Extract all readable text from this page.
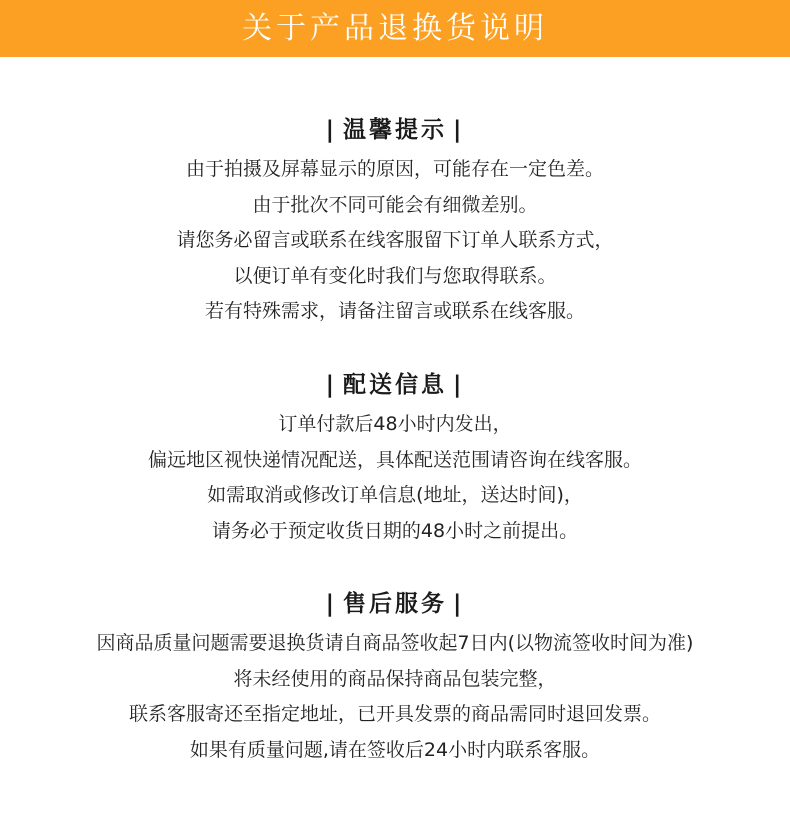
关于产品退换货说明
| 温馨提示 |
由于拍摄及屏幕显示的原因，可能存在一定色差。
由于批次不同可能会有细微差别。
请您务必留言或联系在线客服留下订单人联系方式，
以便订单有变化时我们与您取得联系。
若有特殊需求，请备注留言或联系在线客服。
| 配送信息 |
订单付款后48小时内发出，
偏远地区视快递情况配送，具体配送范围请咨询在线客服。
如需取消或修改订单信息(地址，送达时间)，
请务必于预定收货日期的48小时之前提出。
| 售后服务 |
因商品质量问题需要退换货请自商品签收起7日内(以物流签收时间为准)
将未经使用的商品保持商品包装完整，
联系客服寄还至指定地址，已开具发票的商品需同时退回发票。
如果有质量问题,请在签收后24小时内联系客服。
